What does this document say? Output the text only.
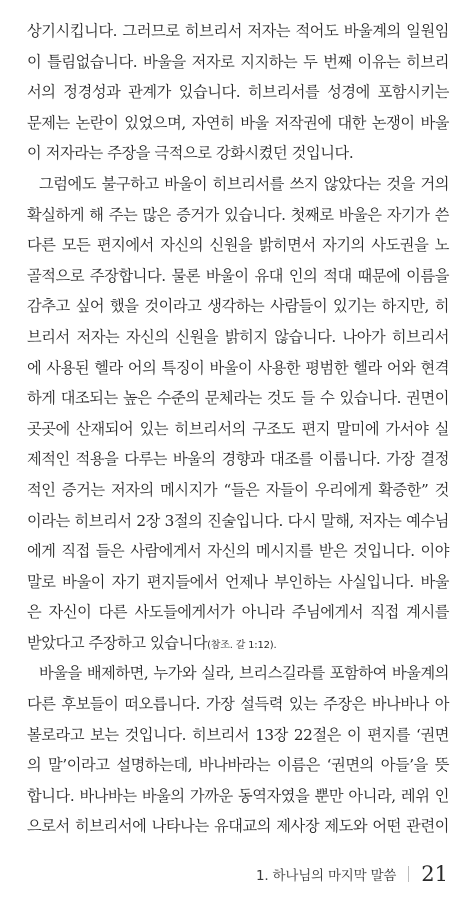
상기시킵니다. 그러므로 히브리서 저자는 적어도 바울계의 일원임
이 틀림없습니다. 바울을 저자로 지지하는 두 번째 이유는 히브리
서의 정경성과 관계가 있습니다. 히브리서를 성경에 포함시키는
문제는 논란이 있었으며, 자연히 바울 저작권에 대한 논쟁이 바울
이 저자라는 주장을 극적으로 강화시켰던 것입니다.
그럼에도 불구하고 바울이 히브리서를 쓰지 않았다는 것을 거의
확실하게 해 주는 많은 증거가 있습니다. 첫째로 바울은 자기가 쓴
다른 모든 편지에서 자신의 신원을 밝히면서 자기의 사도권을 노
골적으로 주장합니다. 물론 바울이 유대 인의 적대 때문에 이름을
감추고 싶어 했을 것이라고 생각하는 사람들이 있기는 하지만, 히
브리서 저자는 자신의 신원을 밝히지 않습니다. 나아가 히브리서
에 사용된 헬라 어의 특징이 바울이 사용한 평범한 헬라 어와 현격
하게 대조되는 높은 수준의 문체라는 것도 들 수 있습니다. 권면이
곳곳에 산재되어 있는 히브리서의 구조도 편지 말미에 가서야 실
제적인 적용을 다루는 바울의 경향과 대조를 이룹니다. 가장 결정
적인 증거는 저자의 메시지가 “들은 자들이 우리에게 확증한” 것
이라는 히브리서 2장 3절의 진술입니다. 다시 말해, 저자는 예수님
에게 직접 들은 사람에게서 자신의 메시지를 받은 것입니다. 이야
말로 바울이 자기 편지들에서 언제나 부인하는 사실입니다. 바울
은 자신이 다른 사도들에게서가 아니라 주님에게서 직접 계시를
받았다고 주장하고 있습니다(참조. 갈 1:12).
바울을 배제하면, 누가와 실라, 브리스길라를 포함하여 바울계의
다른 후보들이 떠오릅니다. 가장 설득력 있는 주장은 바나바나 아
볼로라고 보는 것입니다. 히브리서 13장 22절은 이 편지를 ‘권면
의 말’이라고 설명하는데, 바나바라는 이름은 ‘권면의 아들’을 뜻
합니다. 바나바는 바울의 가까운 동역자였을 뿐만 아니라, 레위 인
으로서 히브리서에 나타나는 유대교의 제사장 제도와 어떤 관련이
1. 하나님의 마지막 말씀 21
